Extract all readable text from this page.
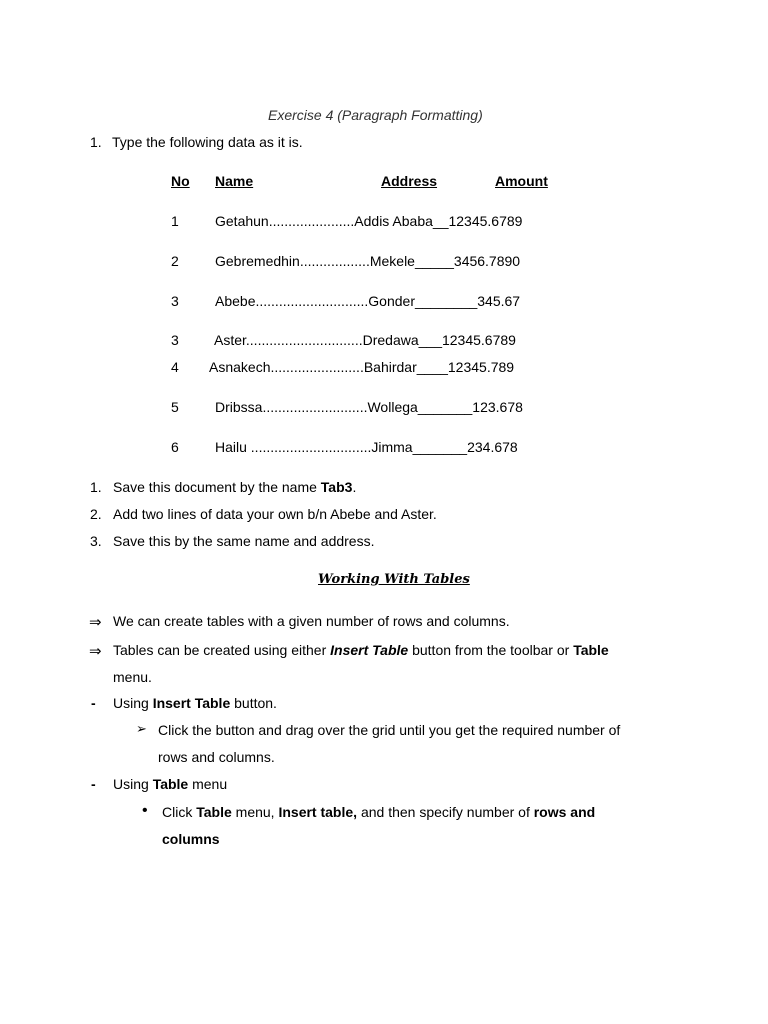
Exercise 4 (Paragraph Formatting)
1. Type the following data as it is.
No Name	Address	Amount
1	Getahun......................Addis Ababa__12345.6789
2	Gebremedhin..................Mekele_____3456.7890
3	Abebe.............................Gonder________345.67
3	Aster..............................Dredawa___12345.6789
4 Asnakech........................Bahirdar____12345.789
5	Dribssa...........................Wollega_______123.678
6	Hailu ...............................Jimma_______234.678
1. Save this document by the name Tab3.
2. Add two lines of data your own b/n Abebe and Aster.
3. Save this by the same name and address.
Working With Tables
⇒ We can create tables with a given number of rows and columns.
⇒ Tables can be created using either Insert Table button from the toolbar or Table
menu.
- Using Insert Table button.
➢ Click the button and drag over the grid until you get the required number of
rows and columns.
- Using Table menu
• Click Table menu, Insert table, and then specify number of rows and
columns
